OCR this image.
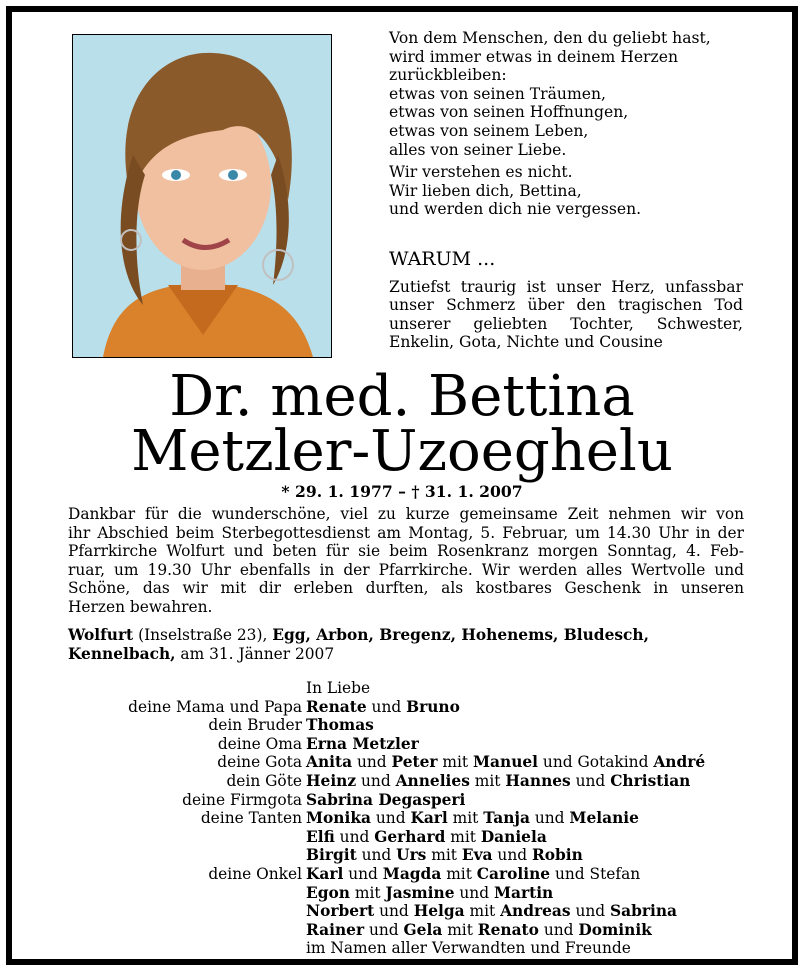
Von dem Menschen, den du geliebt hast,
wird immer etwas in deinem Herzen
zurückbleiben:
etwas von seinen Träumen,
etwas von seinen Hoffnungen,
etwas von seinem Leben,
alles von seiner Liebe.
Wir verstehen es nicht.
Wir lieben dich, Bettina,
und werden dich nie vergessen.
WARUM ...
Zutiefst traurig ist unser Herz, unfassbar
unser Schmerz über den tragischen Tod
unserer geliebten Tochter, Schwester,
Enkelin, Gota, Nichte und Cousine
Dr. med. Bettina
Metzler-Uzoeghelu
* 29. 1. 1977 – † 31. 1. 2007
Dankbar für die wunderschöne, viel zu kurze gemeinsame Zeit nehmen wir von
ihr Abschied beim Sterbegottesdienst am Montag, 5. Februar, um 14.30 Uhr in der
Pfarrkirche Wolfurt und beten für sie beim Rosenkranz morgen Sonntag, 4. Feb-
ruar, um 19.30 Uhr ebenfalls in der Pfarrkirche. Wir werden alles Wertvolle und
Schöne, das wir mit dir erleben durften, als kostbares Geschenk in unseren
Herzen bewahren.
Wolfurt (Inselstraße 23), Egg, Arbon, Bregenz, Hohenems, Bludesch,
Kennelbach, am 31. Jänner 2007
In Liebe
deine Mama und Papa Renate und Bruno
dein Bruder Thomas
deine Oma Erna Metzler
deine Gota Anita und Peter mit Manuel und Gotakind André
dein Göte Heinz und Annelies mit Hannes und Christian
deine Firmgota Sabrina Degasperi
deine Tanten Monika und Karl mit Tanja und Melanie
Elfi und Gerhard mit Daniela
Birgit und Urs mit Eva und Robin
deine Onkel Karl und Magda mit Caroline und Stefan
Egon mit Jasmine und Martin
Norbert und Helga mit Andreas und Sabrina
Rainer und Gela mit Renato und Dominik
im Namen aller Verwandten und Freunde
